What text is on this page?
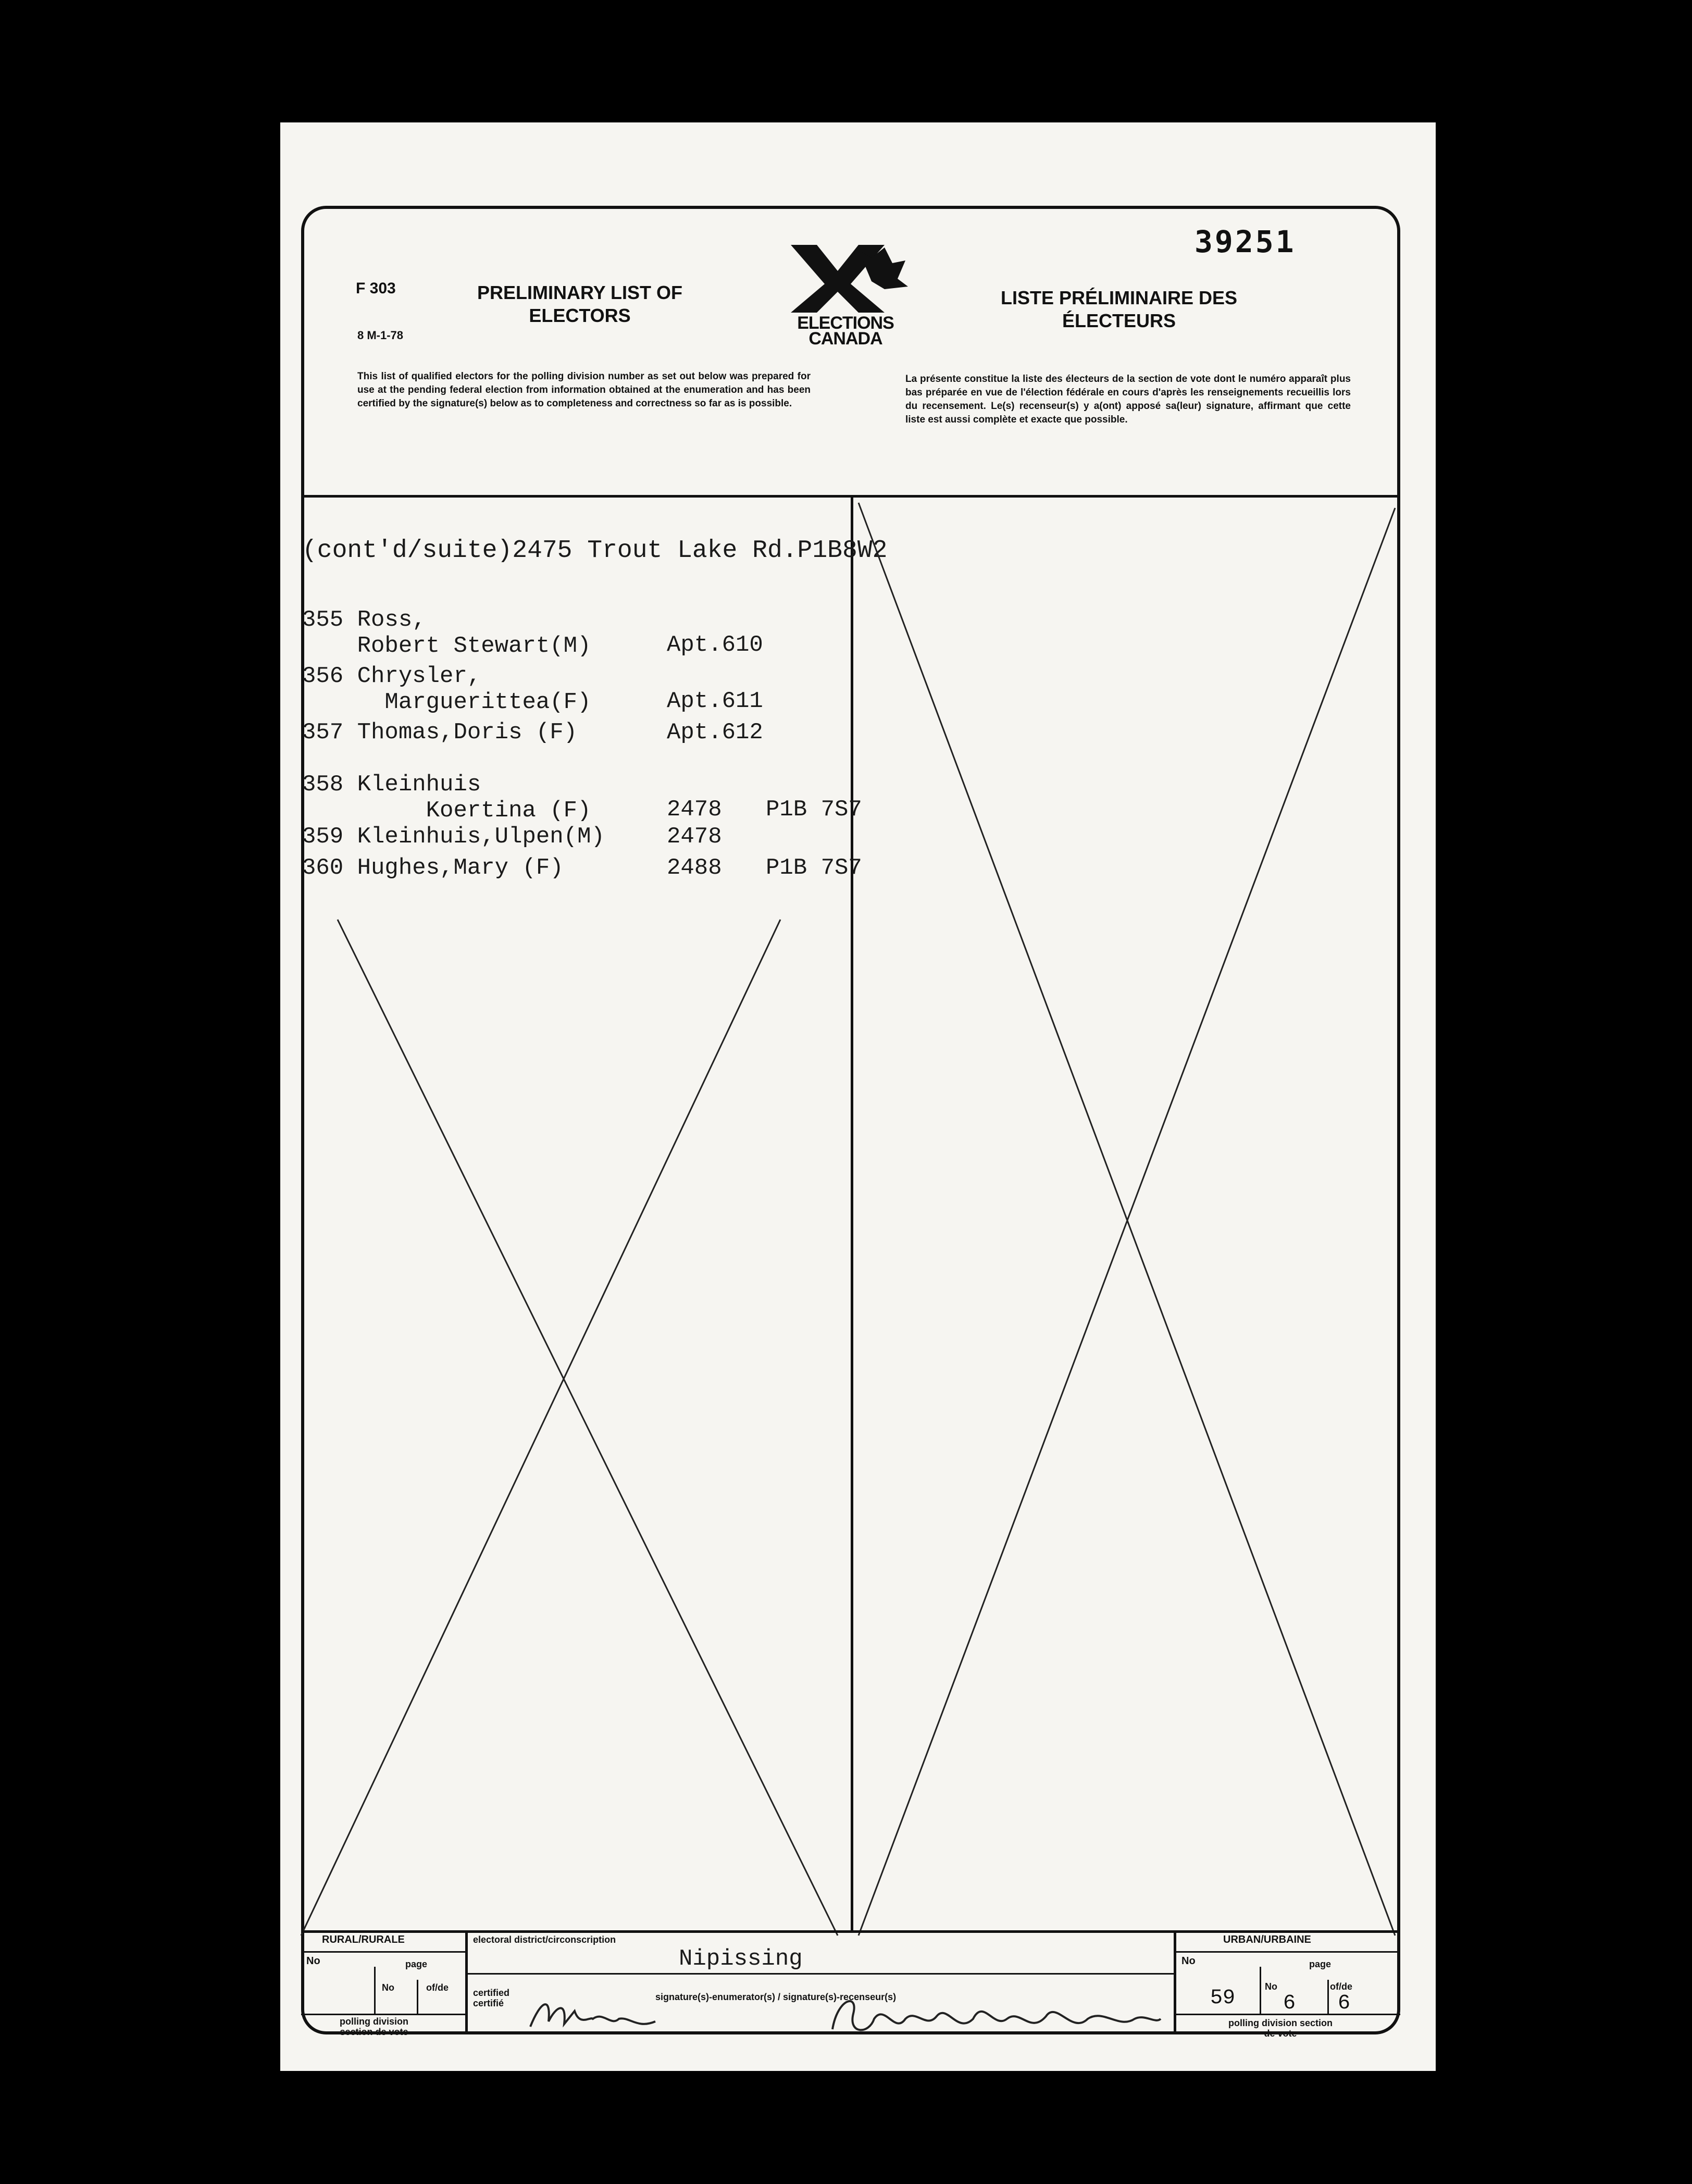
F 303
8 M-1-78
PRELIMINARY LIST OF ELECTORS	ELECTIONS
CANADA
39251
LISTE PRÉLIMINAIRE DES ÉLECTEURS
This list of qualified electors for the polling division number as set out below was prepared for use at the pending federal election from information obtained at the enumeration and has been certified by the signature(s) below as to completeness and correctness so far as is possible.
La présente constitue la liste des électeurs de la section de vote dont le numéro apparaît plus bas préparée en vue de l'élection fédérale en cours d'après les renseignements recueillis lors du recensement. Le(s) recenseur(s) y a(ont) apposé sa(leur) signature, affirmant que cette liste est aussi complète et exacte que possible.
(cont'd/suite)2475 Trout Lake Rd.P1B8W2
355 Ross,
Robert Stewart(M)	Apt.610
356 Chrysler,
Marguerittea(F)	Apt.611
357 Thomas,Doris (F)	Apt.612
358 Kleinhuis
Koertina (F)	2478 P1B 7S7
359 Kleinhuis,Ulpen(M)	2478
360 Hughes,Mary (F)	2488 P1B 7S7
RURAL/RURALE
No	page
No	of/de
polling division section de vote
electoral district/circonscription
Nipissing
certified certifié
signature(s)-enumerator(s) / signature(s)-recenseur(s)
URBAN/URBAINE
No	page
No	of/de
59 6 6
polling division section de vote
